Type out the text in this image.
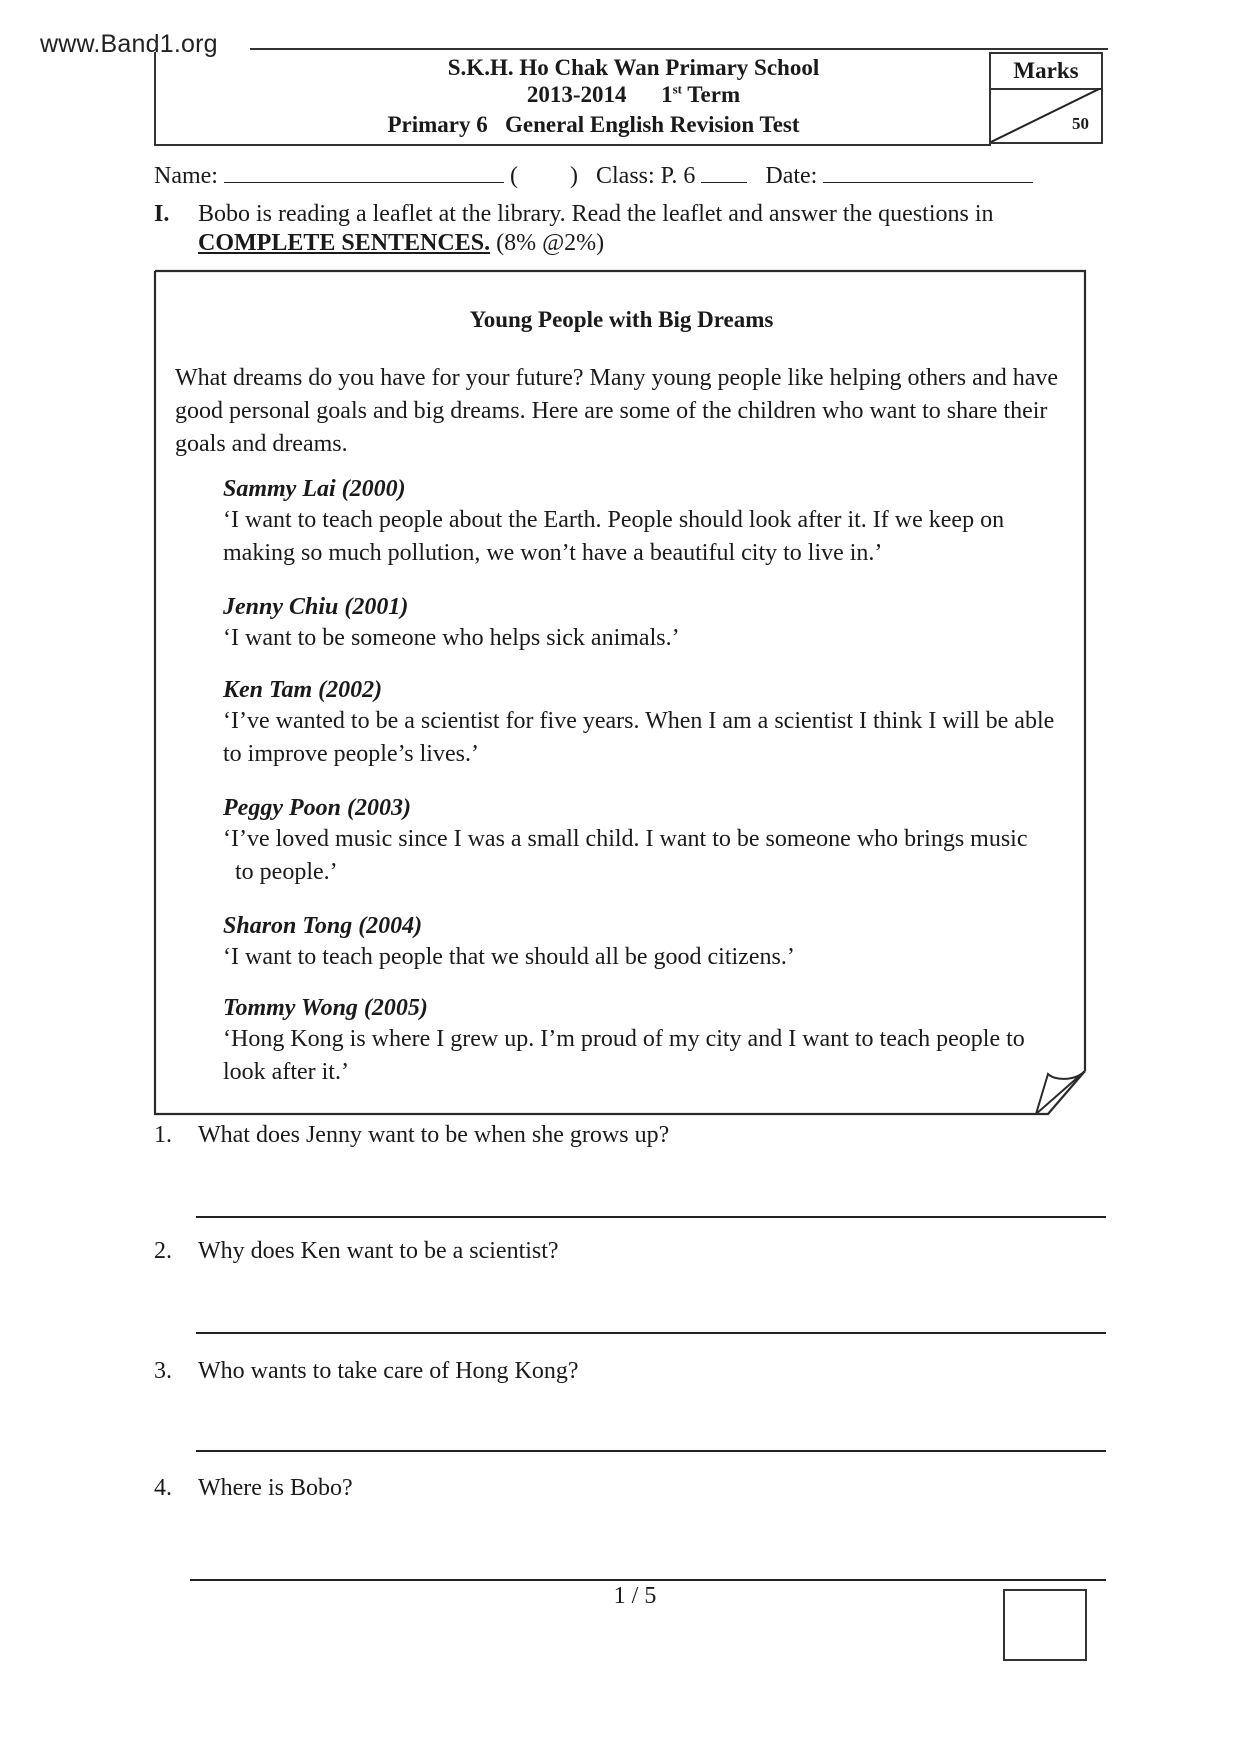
www.Band1.org
S.K.H. Ho Chak Wan Primary School
2013-2014 1st Term
Primary 6 General English Revision Test
Marks
50
Name:	( ) Class: P. 6	Date:
I. Bobo is reading a leaflet at the library. Read the leaflet and answer the questions in
COMPLETE SENTENCES. (8% @2%)
Young People with Big Dreams
What dreams do you have for your future? Many young people like helping others and have good personal goals and big dreams. Here are some of the children who want to share their goals and dreams.
Sammy Lai (2000)
‘I want to teach people about the Earth. People should look after it. If we keep on making so much pollution, we won’t have a beautiful city to live in.’
Jenny Chiu (2001)
‘I want to be someone who helps sick animals.’
Ken Tam (2002)
‘I’ve wanted to be a scientist for five years. When I am a scientist I think I will be able to improve people’s lives.’
Peggy Poon (2003)
‘I’ve loved music since I was a small child. I want to be someone who brings music
to people.’
Sharon Tong (2004)
‘I want to teach people that we should all be good citizens.’
Tommy Wong (2005)
‘Hong Kong is where I grew up. I’m proud of my city and I want to teach people to look after it.’
1. What does Jenny want to be when she grows up?
2. Why does Ken want to be a scientist?
3. Who wants to take care of Hong Kong?
4. Where is Bobo?
1 / 5
